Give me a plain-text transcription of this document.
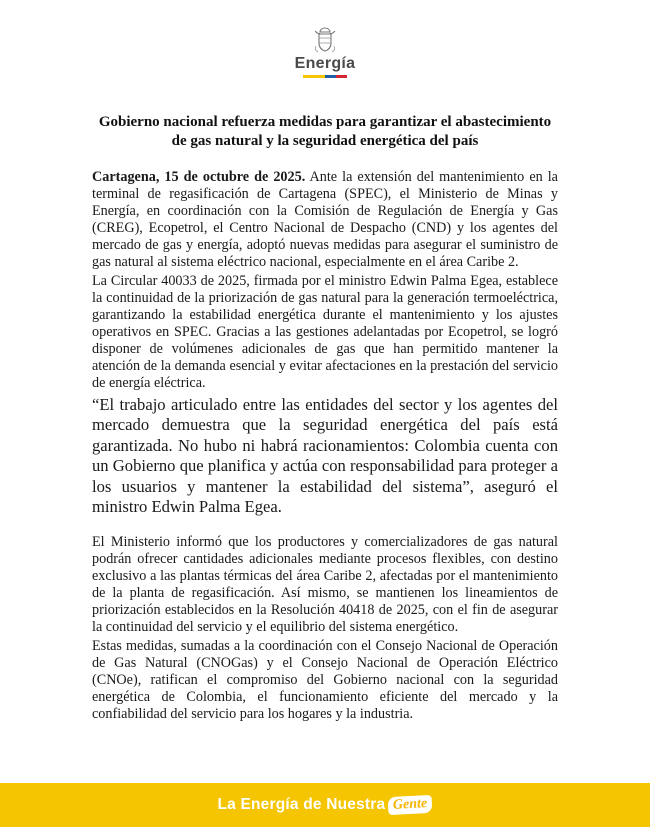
Energía
Gobierno nacional refuerza medidas para garantizar el abastecimiento de gas natural y la seguridad energética del país

Cartagena, 15 de octubre de 2025. Ante la extensión del mantenimiento en la terminal de regasificación de Cartagena (SPEC), el Ministerio de Minas y Energía, en coordinación con la Comisión de Regulación de Energía y Gas (CREG), Ecopetrol, el Centro Nacional de Despacho (CND) y los agentes del mercado de gas y energía, adoptó nuevas medidas para asegurar el suministro de gas natural al sistema eléctrico nacional, especialmente en el área Caribe 2.

La Circular 40033 de 2025, firmada por el ministro Edwin Palma Egea, establece la continuidad de la priorización de gas natural para la generación termoeléctrica, garantizando la estabilidad energética durante el mantenimiento y los ajustes operativos en SPEC. Gracias a las gestiones adelantadas por Ecopetrol, se logró disponer de volúmenes adicionales de gas que han permitido mantener la atención de la demanda esencial y evitar afectaciones en la prestación del servicio de energía eléctrica.

“El trabajo articulado entre las entidades del sector y los agentes del mercado demuestra que la seguridad energética del país está garantizada. No hubo ni habrá racionamientos: Colombia cuenta con un Gobierno que planifica y actúa con responsabilidad para proteger a los usuarios y mantener la estabilidad del sistema”, aseguró el ministro Edwin Palma Egea.

El Ministerio informó que los productores y comercializadores de gas natural podrán ofrecer cantidades adicionales mediante procesos flexibles, con destino exclusivo a las plantas térmicas del área Caribe 2, afectadas por el mantenimiento de la planta de regasificación. Así mismo, se mantienen los lineamientos de priorización establecidos en la Resolución 40418 de 2025, con el fin de asegurar la continuidad del servicio y el equilibrio del sistema energético.

Estas medidas, sumadas a la coordinación con el Consejo Nacional de Operación de Gas Natural (CNOGas) y el Consejo Nacional de Operación Eléctrico (CNOe), ratifican el compromiso del Gobierno nacional con la seguridad energética de Colombia, el funcionamiento eficiente del mercado y la confiabilidad del servicio para los hogares y la industria.

La Energía de Nuestra Gente
